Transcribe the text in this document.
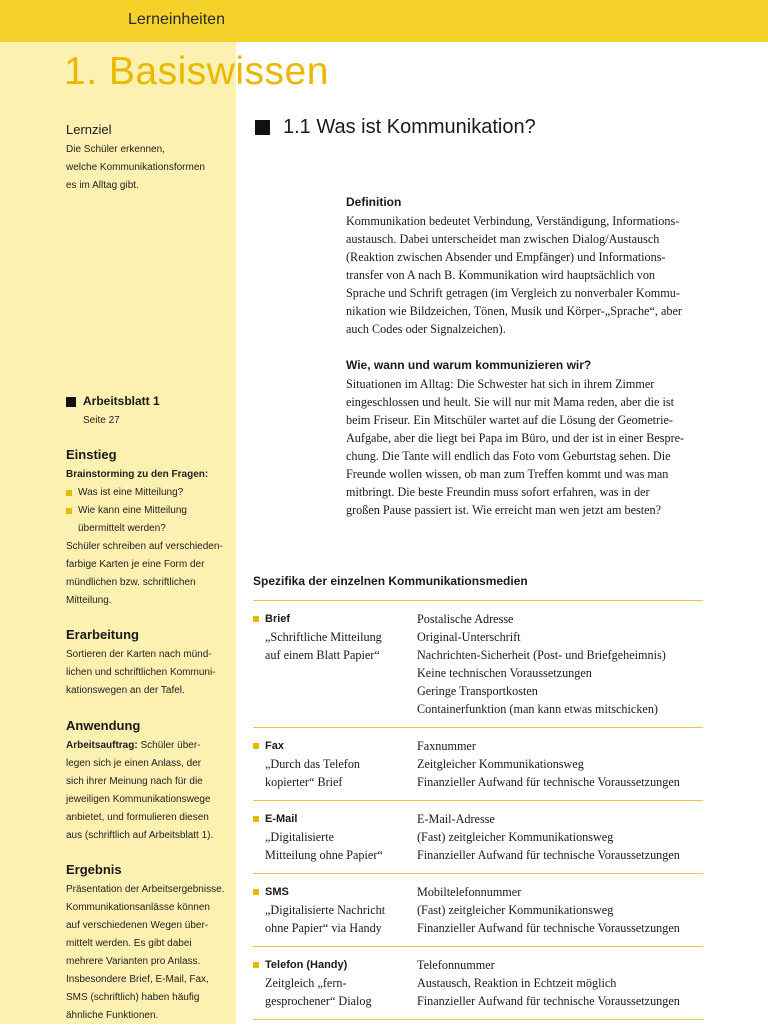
Lerneinheiten
1. Basiswissen
Lernziel
Die Schüler erkennen,
welche Kommunikationsformen
es im Alltag gibt.
Arbeitsblatt 1
Seite 27
Einstieg
Brainstorming zu den Fragen:
Was ist eine Mitteilung?
Wie kann eine Mitteilung
übermittelt werden?
Schüler schreiben auf verschieden-
farbige Karten je eine Form der
mündlichen bzw. schriftlichen
Mitteilung.
Erarbeitung
Sortieren der Karten nach münd-
lichen und schriftlichen Kommuni-
kationswegen an der Tafel.
Anwendung
Arbeitsauftrag: Schüler über-
legen sich je einen Anlass, der
sich ihrer Meinung nach für die
jeweiligen Kommunikationswege
anbietet, und formulieren diesen
aus (schriftlich auf Arbeitsblatt 1).
Ergebnis
Präsentation der Arbeitsergebnisse.
Kommunikationsanlässe können
auf verschiedenen Wegen über-
mittelt werden. Es gibt dabei
mehrere Varianten pro Anlass.
Insbesondere Brief, E-Mail, Fax,
SMS (schriftlich) haben häufig
ähnliche Funktionen.
1.1 Was ist Kommunikation?
Definition
Kommunikation bedeutet Verbindung, Verständigung, Informations-
austausch. Dabei unterscheidet man zwischen Dialog/Austausch
(Reaktion zwischen Absender und Empfänger) und Informations-
transfer von A nach B. Kommunikation wird hauptsächlich von
Sprache und Schrift getragen (im Vergleich zu nonverbaler Kommu-
nikation wie Bildzeichen, Tönen, Musik und Körper-„Sprache“, aber
auch Codes oder Signalzeichen).
Wie, wann und warum kommunizieren wir?
Situationen im Alltag: Die Schwester hat sich in ihrem Zimmer
eingeschlossen und heult. Sie will nur mit Mama reden, aber die ist
beim Friseur. Ein Mitschüler wartet auf die Lösung der Geometrie-
Aufgabe, aber die liegt bei Papa im Büro, und der ist in einer Bespre-
chung. Die Tante will endlich das Foto vom Geburtstag sehen. Die
Freunde wollen wissen, ob man zum Treffen kommt und was man
mitbringt. Die beste Freundin muss sofort erfahren, was in der
großen Pause passiert ist. Wie erreicht man wen jetzt am besten?
Spezifika der einzelnen Kommunikationsmedien
Brief
„Schriftliche Mitteilung
auf einem Blatt Papier“
Postalische Adresse
Original-Unterschrift
Nachrichten-Sicherheit (Post- und Briefgeheimnis)
Keine technischen Voraussetzungen
Geringe Transportkosten
Containerfunktion (man kann etwas mitschicken)
Fax
„Durch das Telefon
kopierter“ Brief
Faxnummer
Zeitgleicher Kommunikationsweg
Finanzieller Aufwand für technische Voraussetzungen
E-Mail
„Digitalisierte
Mitteilung ohne Papier“
E-Mail-Adresse
(Fast) zeitgleicher Kommunikationsweg
Finanzieller Aufwand für technische Voraussetzungen
SMS
„Digitalisierte Nachricht
ohne Papier“ via Handy
Mobiltelefonnummer
(Fast) zeitgleicher Kommunikationsweg
Finanzieller Aufwand für technische Voraussetzungen
Telefon (Handy)
Zeitgleich „fern-
gesprochener“ Dialog
Telefonnummer
Austausch, Reaktion in Echtzeit möglich
Finanzieller Aufwand für technische Voraussetzungen
